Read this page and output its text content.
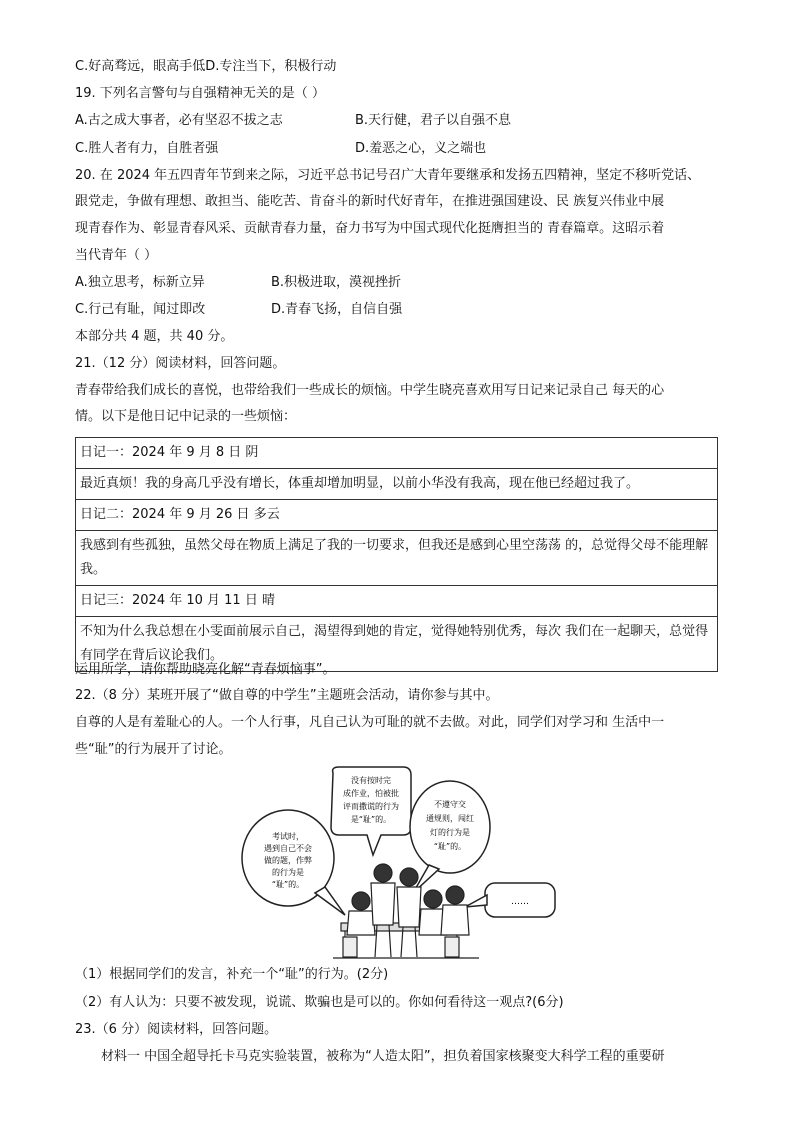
C.好高骛远，眼高手低D.专注当下，积极行动
19. 下列名言警句与自强精神无关的是（ ）
A.古之成大事者，必有坚忍不拔之志	B.天行健，君子以自强不息
C.胜人者有力，自胜者强	D.羞恶之心，义之端也
20. 在 2024 年五四青年节到来之际，习近平总书记号召广大青年要继承和发扬五四精神，坚定不移听党话、
跟党走，争做有理想、敢担当、能吃苦、肯奋斗的新时代好青年，在推进强国建设、民 族复兴伟业中展
现青春作为、彰显青春风采、贡献青春力量，奋力书写为中国式现代化挺膺担当的 青春篇章。这昭示着
当代青年（ ）
A.独立思考，标新立异	B.积极进取，漠视挫折
C.行己有耻，闻过即改	D.青春飞扬，自信自强
本部分共 4 题，共 40 分。
21.（12 分）阅读材料，回答问题。
青春带给我们成长的喜悦，也带给我们一些成长的烦恼。中学生晓亮喜欢用写日记来记录自己 每天的心
情。以下是他日记中记录的一些烦恼：
日记一：2024 年 9 月 8 日 阴
最近真烦！我的身高几乎没有增长，体重却增加明显，以前小华没有我高，现在他已经超过我了。
日记二：2024 年 9 月 26 日 多云
我感到有些孤独，虽然父母在物质上满足了我的一切要求，但我还是感到心里空荡荡 的，总觉得父母不能理解我。
日记三：2024 年 10 月 11 日 晴
不知为什么我总想在小雯面前展示自己，渴望得到她的肯定，觉得她特别优秀，每次 我们在一起聊天，总觉得有同学在背后议论我们。
运用所学，请你帮助晓亮化解“青春烦恼事”。
22.（8 分）某班开展了“做自尊的中学生”主题班会活动，请你参与其中。
自尊的人是有羞耻心的人。一个人行事，凡自己认为可耻的就不去做。对此，同学们对学习和 生活中一
些“耻”的行为展开了讨论。
考试时，
遇到自己不会
做的题，作弊
的行为是
“耻”的。
没有按时完
成作业，怕被批
评而撒谎的行为
是“耻”的。
不遵守交
通规则，闯红
灯的行为是
“耻”的。
……
（1）根据同学们的发言，补充一个“耻”的行为。(2分)
（2）有人认为：只要不被发现，说谎、欺骗也是可以的。你如何看待这一观点?(6分)
23.（6 分）阅读材料，回答问题。
材料一 中国全超导托卡马克实验装置，被称为“人造太阳”，担负着国家核聚变大科学工程的重要研
